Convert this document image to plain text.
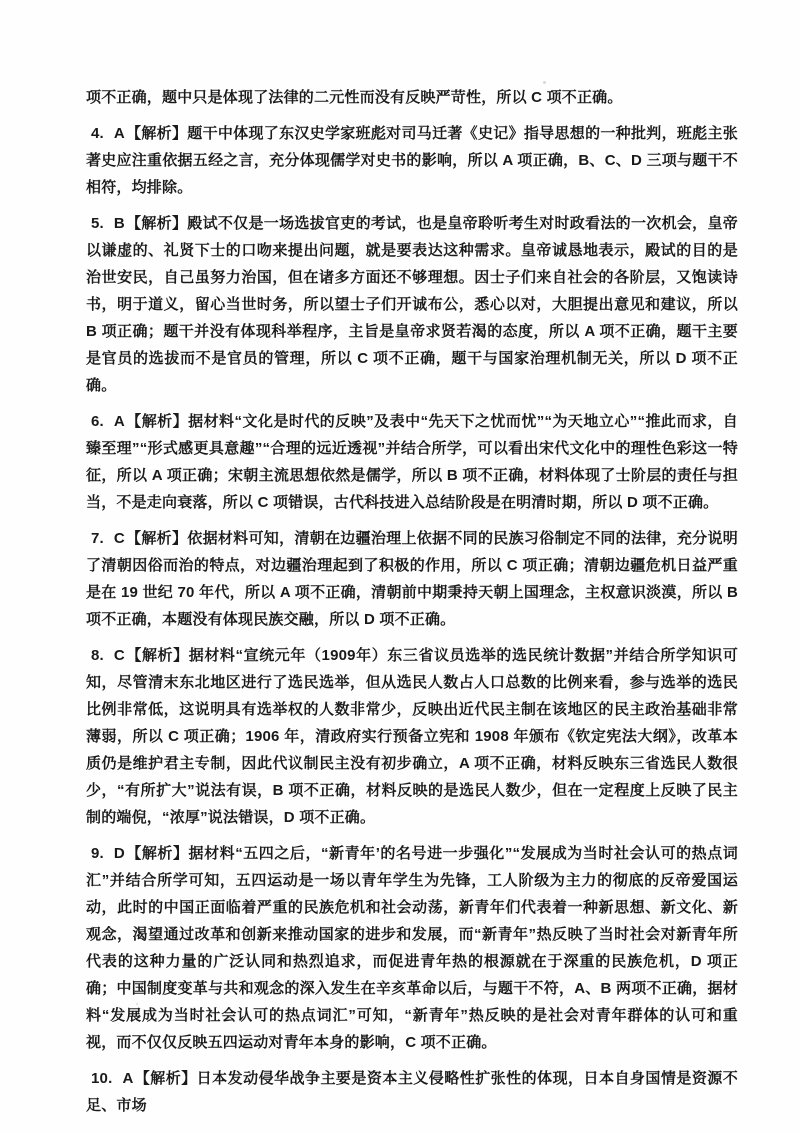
项不正确，题中只是体现了法律的二元性而没有反映严苛性，所以 C 项不正确。

4. A【解析】题干中体现了东汉史学家班彪对司马迁著《史记》指导思想的一种批判，班彪主张著史应注重依据五经之言，充分体现儒学对史书的影响，所以 A 项正确，B、C、D 三项与题干不相符，均排除。

5. B【解析】殿试不仅是一场选拔官吏的考试，也是皇帝聆听考生对时政看法的一次机会，皇帝以谦虚的、礼贤下士的口吻来提出问题，就是要表达这种需求。皇帝诚恳地表示，殿试的目的是治世安民，自己虽努力治国，但在诸多方面还不够理想。因士子们来自社会的各阶层，又饱读诗书，明于道义，留心当世时务，所以望士子们开诚布公，悉心以对，大胆提出意见和建议，所以 B 项正确；题干并没有体现科举程序，主旨是皇帝求贤若渴的态度，所以 A 项不正确，题干主要是官员的选拔而不是官员的管理，所以 C 项不正确，题干与国家治理机制无关，所以 D 项不正确。

6. A【解析】据材料“文化是时代的反映”及表中“先天下之忧而忧”“为天地立心”“推此而求，自臻至理”“形式感更具意趣”“合理的远近透视”并结合所学，可以看出宋代文化中的理性色彩这一特征，所以 A 项正确；宋朝主流思想依然是儒学，所以 B 项不正确，材料体现了士阶层的责任与担当，不是走向衰落，所以 C 项错误，古代科技进入总结阶段是在明清时期，所以 D 项不正确。

7. C【解析】依据材料可知，清朝在边疆治理上依据不同的民族习俗制定不同的法律，充分说明了清朝因俗而治的特点，对边疆治理起到了积极的作用，所以 C 项正确；清朝边疆危机日益严重是在 19 世纪 70 年代，所以 A 项不正确，清朝前中期秉持天朝上国理念，主权意识淡漠，所以 B 项不正确，本题没有体现民族交融，所以 D 项不正确。

8. C【解析】据材料“宣统元年（1909年）东三省议员选举的选民统计数据”并结合所学知识可知，尽管清末东北地区进行了选民选举，但从选民人数占人口总数的比例来看，参与选举的选民比例非常低，这说明具有选举权的人数非常少，反映出近代民主制在该地区的民主政治基础非常薄弱，所以 C 项正确；1906 年，清政府实行预备立宪和 1908 年颁布《钦定宪法大纲》，改革本质仍是维护君主专制，因此代议制民主没有初步确立，A 项不正确，材料反映东三省选民人数很少，“有所扩大”说法有误，B 项不正确，材料反映的是选民人数少，但在一定程度上反映了民主制的端倪，“浓厚”说法错误，D 项不正确。

9. D【解析】据材料“五四之后，“新青年’的名号进一步强化”“发展成为当时社会认可的热点词汇”并结合所学可知，五四运动是一场以青年学生为先锋，工人阶级为主力的彻底的反帝爱国运动，此时的中国正面临着严重的民族危机和社会动荡，新青年们代表着一种新思想、新文化、新观念，渴望通过改革和创新来推动国家的进步和发展，而“新青年”热反映了当时社会对新青年所代表的这种力量的广泛认同和热烈追求，而促进青年热的根源就在于深重的民族危机，D 项正确；中国制度变革与共和观念的深入发生在辛亥革命以后，与题干不符，A、B 两项不正确，据材料“发展成为当时社会认可的热点词汇”可知，“新青年”热反映的是社会对青年群体的认可和重视，而不仅仅反映五四运动对青年本身的影响，C 项不正确。

10. A【解析】日本发动侵华战争主要是资本主义侵略性扩张性的体现，日本自身国情是资源不足、市场
